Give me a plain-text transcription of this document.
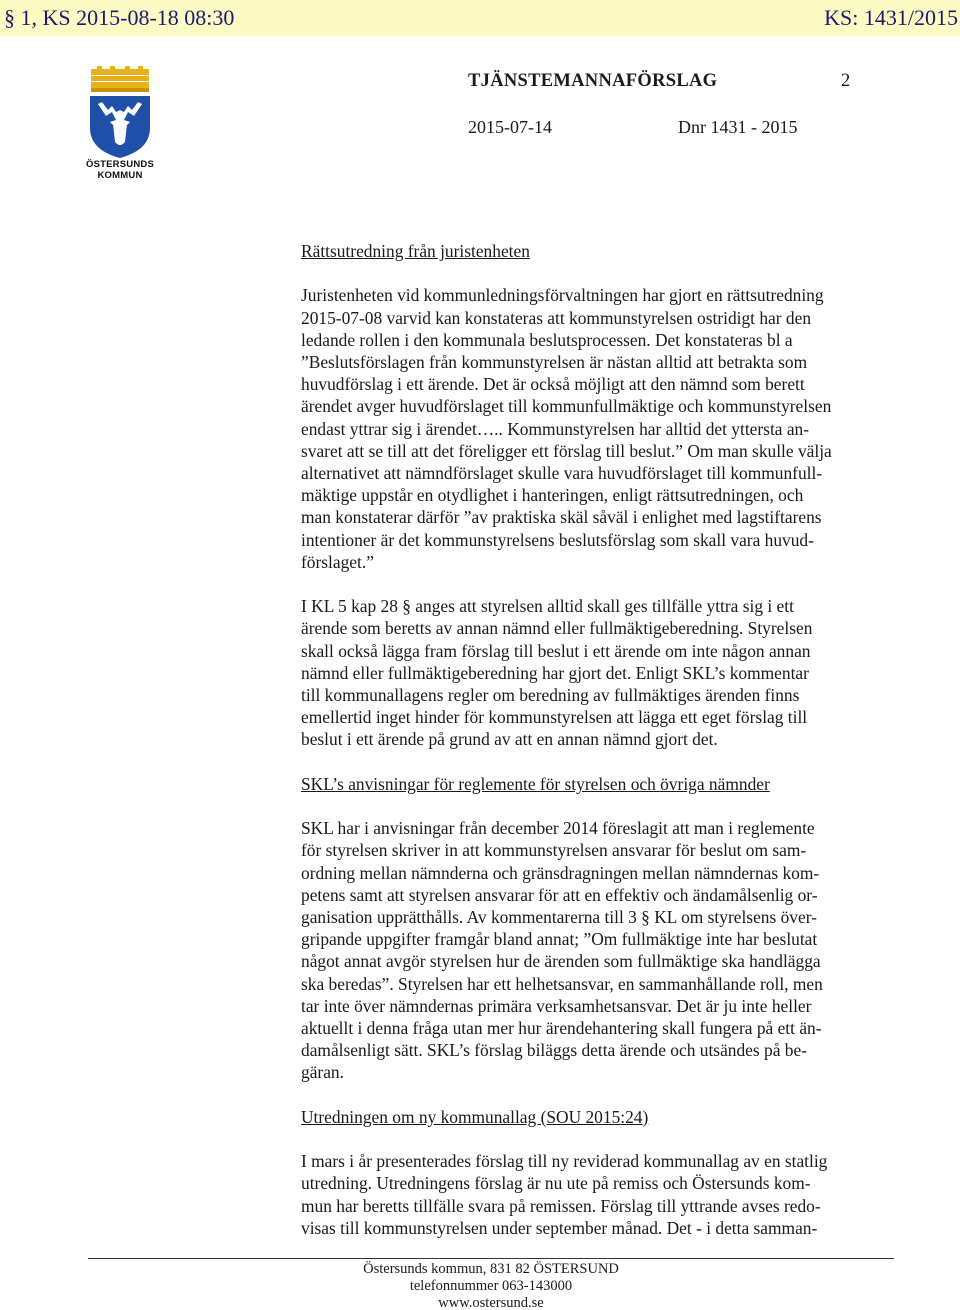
§ 1, KS 2015-08-18 08:30	KS: 1431/2015
ÖSTERSUNDS
KOMMUN
TJÄNSTEMANNAFÖRSLAG	2
2015-07-14	Dnr 1431 - 2015
Rättsutredning från juristenheten
Juristenheten vid kommunledningsförvaltningen har gjort en rättsutredning
2015-07-08 varvid kan konstateras att kommunstyrelsen ostridigt har den
ledande rollen i den kommunala beslutsprocessen. Det konstateras bl a
”Beslutsförslagen från kommunstyrelsen är nästan alltid att betrakta som
huvudförslag i ett ärende. Det är också möjligt att den nämnd som berett
ärendet avger huvudförslaget till kommunfullmäktige och kommunstyrelsen
endast yttrar sig i ärendet….. Kommunstyrelsen har alltid det yttersta an-
svaret att se till att det föreligger ett förslag till beslut.” Om man skulle välja
alternativet att nämndförslaget skulle vara huvudförslaget till kommunfull-
mäktige uppstår en otydlighet i hanteringen, enligt rättsutredningen, och
man konstaterar därför ”av praktiska skäl såväl i enlighet med lagstiftarens
intentioner är det kommunstyrelsens beslutsförslag som skall vara huvud-
förslaget.”
I KL 5 kap 28 § anges att styrelsen alltid skall ges tillfälle yttra sig i ett
ärende som beretts av annan nämnd eller fullmäktigeberedning. Styrelsen
skall också lägga fram förslag till beslut i ett ärende om inte någon annan
nämnd eller fullmäktigeberedning har gjort det. Enligt SKL’s kommentar
till kommunallagens regler om beredning av fullmäktiges ärenden finns
emellertid inget hinder för kommunstyrelsen att lägga ett eget förslag till
beslut i ett ärende på grund av att en annan nämnd gjort det.
SKL’s anvisningar för reglemente för styrelsen och övriga nämnder
SKL har i anvisningar från december 2014 föreslagit att man i reglemente
för styrelsen skriver in att kommunstyrelsen ansvarar för beslut om sam-
ordning mellan nämnderna och gränsdragningen mellan nämndernas kom-
petens samt att styrelsen ansvarar för att en effektiv och ändamålsenlig or-
ganisation upprätthålls. Av kommentarerna till 3 § KL om styrelsens över-
gripande uppgifter framgår bland annat; ”Om fullmäktige inte har beslutat
något annat avgör styrelsen hur de ärenden som fullmäktige ska handlägga
ska beredas”. Styrelsen har ett helhetsansvar, en sammanhållande roll, men
tar inte över nämndernas primära verksamhetsansvar. Det är ju inte heller
aktuellt i denna fråga utan mer hur ärendehantering skall fungera på ett än-
damålsenligt sätt. SKL’s förslag biläggs detta ärende och utsändes på be-
gäran.
Utredningen om ny kommunallag (SOU 2015:24)
I mars i år presenterades förslag till ny reviderad kommunallag av en statlig
utredning. Utredningens förslag är nu ute på remiss och Östersunds kom-
mun har beretts tillfälle svara på remissen. Förslag till yttrande avses redo-
visas till kommunstyrelsen under september månad. Det - i detta samman-
Östersunds kommun, 831 82 ÖSTERSUND
telefonnummer 063-143000
www.ostersund.se
